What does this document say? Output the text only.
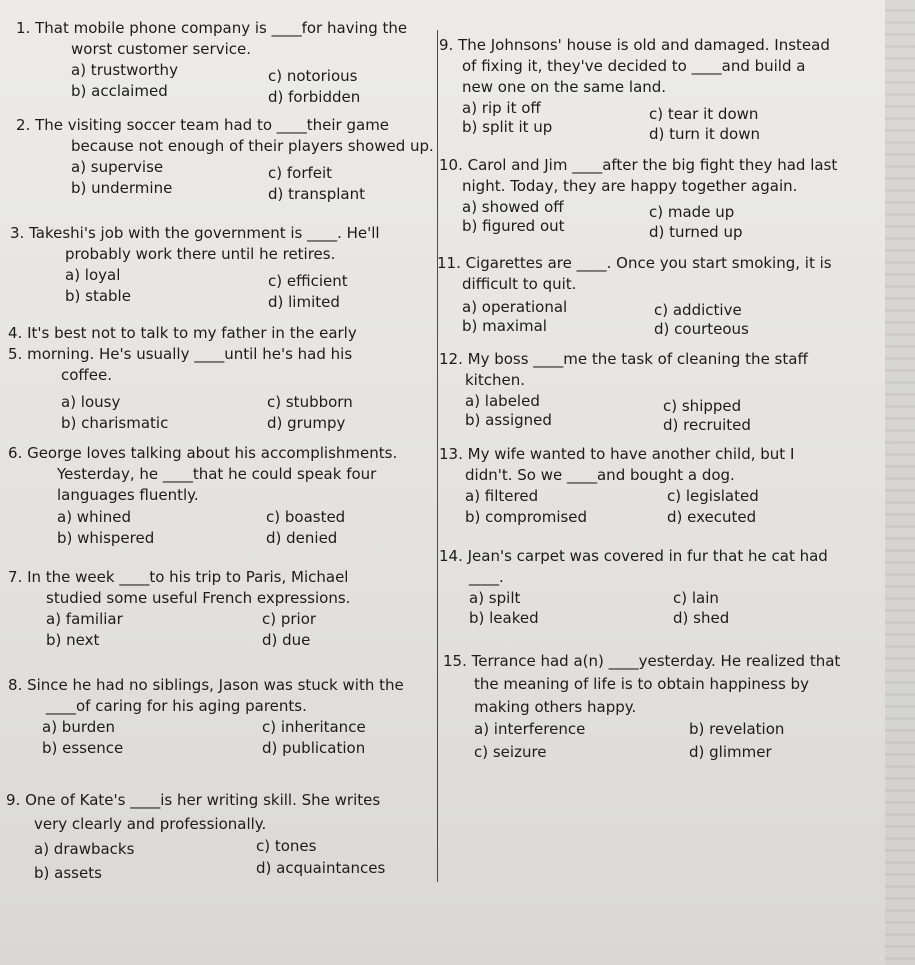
1. That mobile phone company is ____for having the

worst customer service.

a) trustworthy
b) acclaimed
c) notorious
d) forbidden

2. The visiting soccer team had to ____their game

because not enough of their players showed up.

a) supervise
b) undermine
c) forfeit
d) transplant

3. Takeshi's job with the government is ____. He'll

probably work there until he retires.

a) loyal
b) stable
c) efficient
d) limited

4. It's best not to talk to my father in the early

5. morning. He's usually ____until he's had his

coffee.

a) lousy
b) charismatic
c) stubborn
d) grumpy

6. George loves talking about his accomplishments.

Yesterday, he ____that he could speak four

languages fluently.

a) whined
b) whispered
c) boasted
d) denied

7. In the week ____to his trip to Paris, Michael

studied some useful French expressions.

a) familiar
b) next
c) prior
d) due

8. Since he had no siblings, Jason was stuck with the

____of caring for his aging parents.

a) burden
b) essence
c) inheritance
d) publication

9. One of Kate's ____is her writing skill. She writes

very clearly and professionally.

a) drawbacks
b) assets
c) tones
d) acquaintances

9. The Johnsons' house is old and damaged. Instead

of fixing it, they've decided to ____and build a

new one on the same land.

a) rip it off
b) split it up
c) tear it down
d) turn it down

10. Carol and Jim ____after the big fight they had last

night. Today, they are happy together again.

a) showed off
b) figured out
c) made up
d) turned up

11. Cigarettes are ____. Once you start smoking, it is

difficult to quit.

a) operational
b) maximal
c) addictive
d) courteous

12. My boss ____me the task of cleaning the staff

kitchen.

a) labeled
b) assigned
c) shipped
d) recruited

13. My wife wanted to have another child, but I

didn't. So we ____and bought a dog.

a) filtered
b) compromised
c) legislated
d) executed

14. Jean's carpet was covered in fur that he cat had

____.

a) spilt
b) leaked
c) lain
d) shed

15. Terrance had a(n) ____yesterday. He realized that

the meaning of life is to obtain happiness by

making others happy.

a) interference
c) seizure
b) revelation
d) glimmer
